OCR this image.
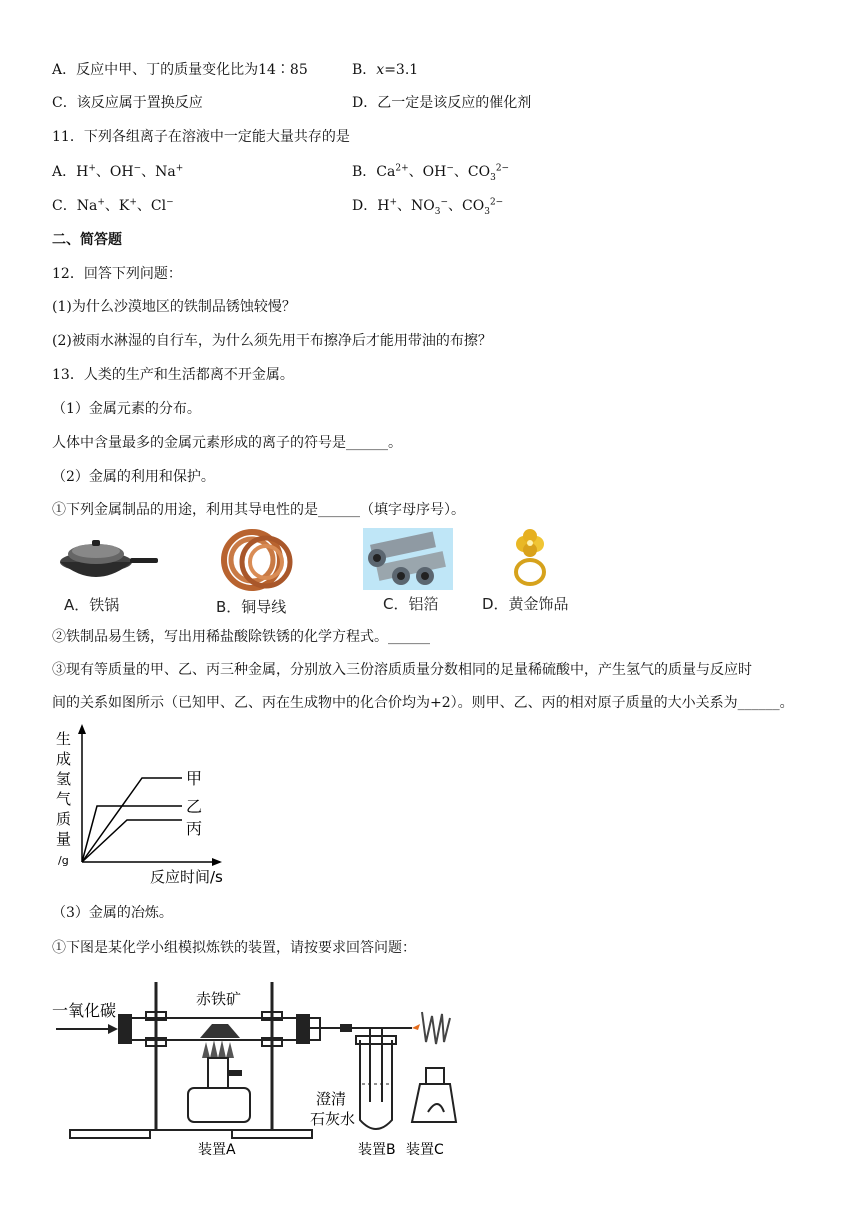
A．反应中甲、丁的质量变化比为14∶85	B．x=3.1
C．该反应属于置换反应	D．乙一定是该反应的催化剂
11．下列各组离子在溶液中一定能大量共存的是
A．H+、OH−、Na+	B．$Ca^{2+}$、OH−、$CO_3^{2-}$
C．Na+、K+、Cl−	D．H+、$NO_3^-$、$CO_3^{2-}$
二、简答题
12．回答下列问题：
(1)为什么沙漠地区的铁制品锈蚀较慢？
(2)被雨水淋湿的自行车，为什么须先用干布擦净后才能用带油的布擦？
13．人类的生产和生活都离不开金属。
（1）金属元素的分布。
人体中含量最多的金属元素形成的离子的符号是______。
（2）金属的利用和保护。
①下列金属制品的用途，利用其导电性的是______（填字母序号）。
A．铁锅	B．铜导线	C．铝箔	D．黄金饰品
②铁制品易生锈，写出用稀盐酸除铁锈的化学方程式。______
③现有等质量的甲、乙、丙三种金属，分别放入三份溶质质量分数相同的足量稀硫酸中，产生氢气的质量与反应时
间的关系如图所示（已知甲、乙、丙在生成物中的化合价均为+2）。则甲、乙、丙的相对原子质量的大小关系为______。
生
成
氢
气
质
量
/g
反应时间/s
甲
乙
丙
（3）金属的冶炼。
①下图是某化学小组模拟炼铁的装置，请按要求回答问题：
一氧化碳
赤铁矿
澄清
石灰水
装置A	装置B 装置C
